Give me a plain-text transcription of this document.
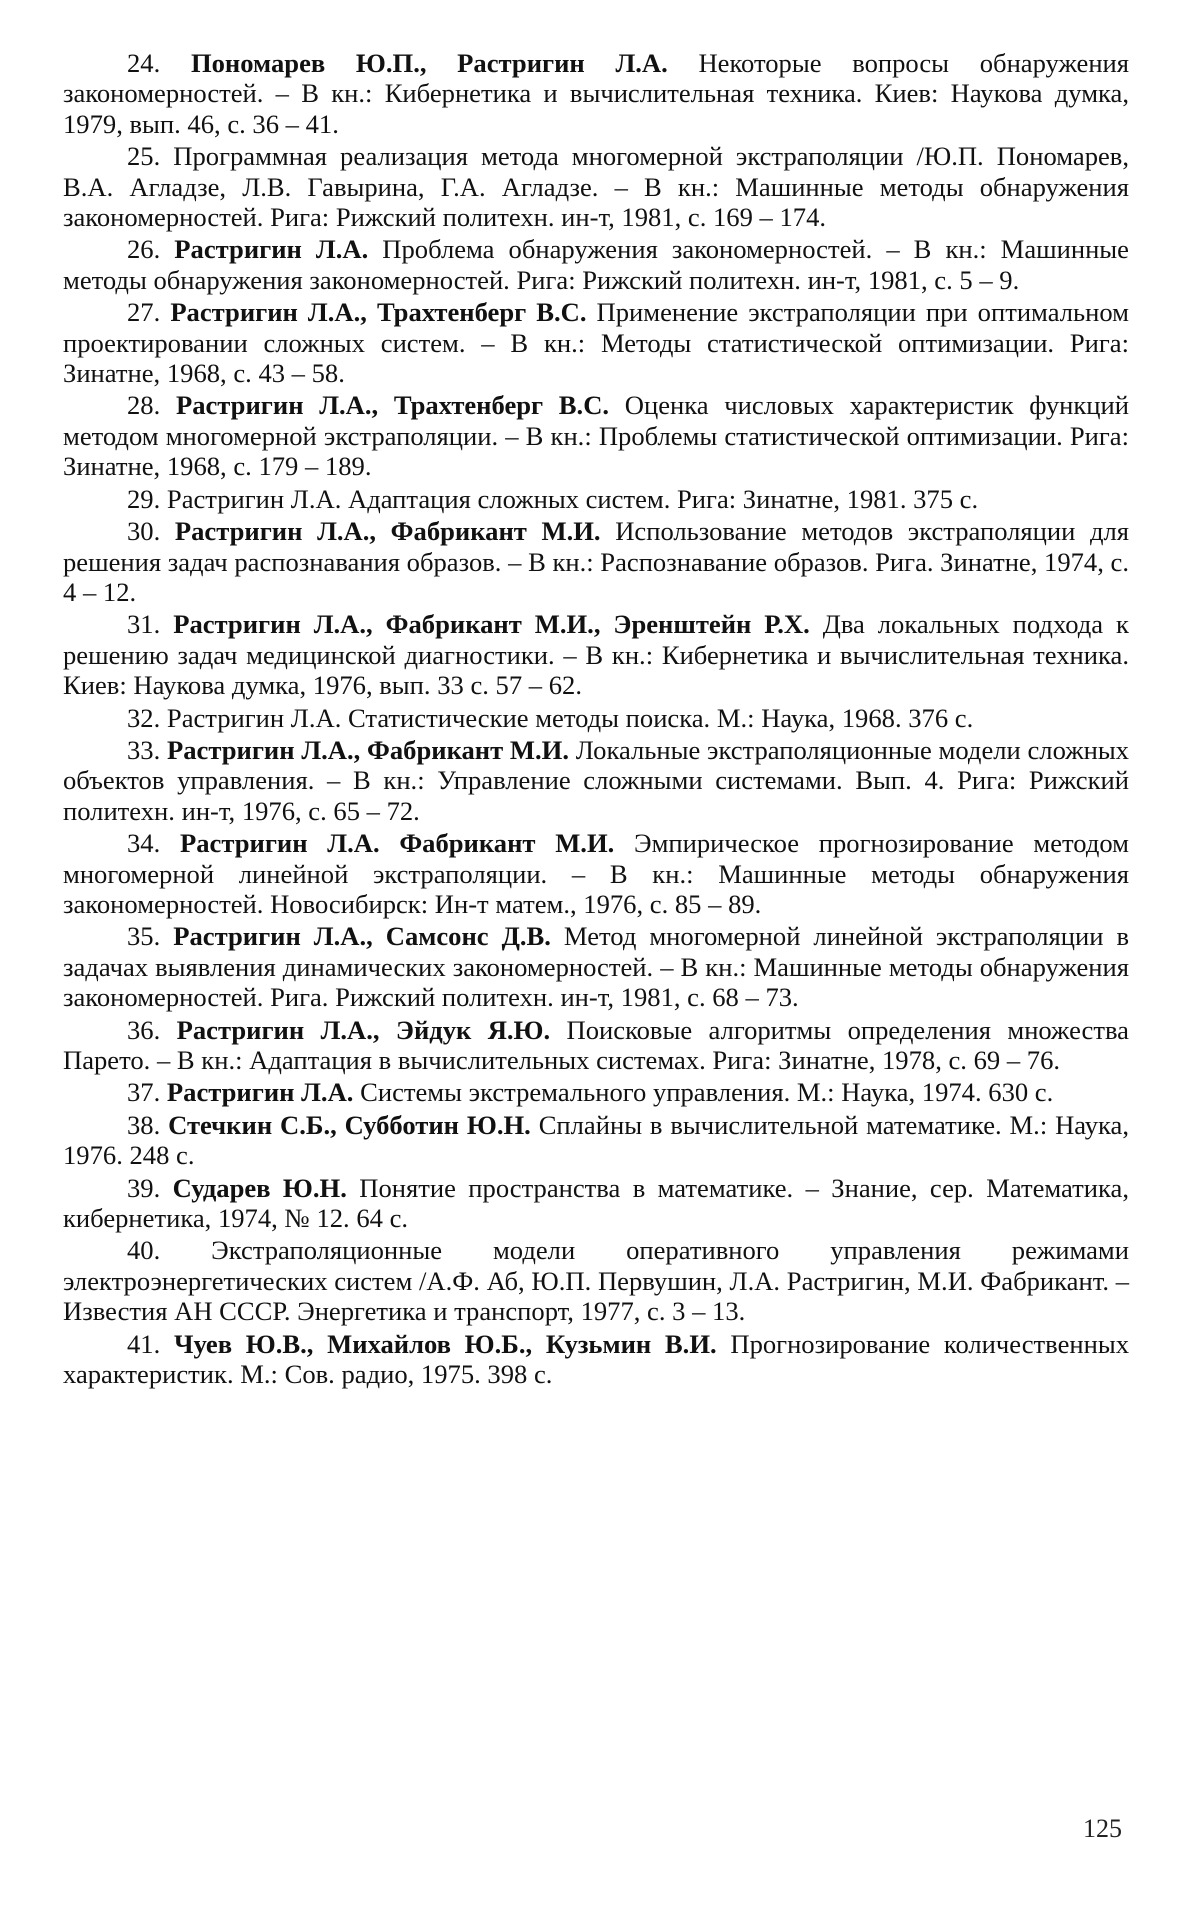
24. Пономарев Ю.П., Растригин Л.А. Некоторые вопросы обнаружения закономерностей. – В кн.: Кибернетика и вычислительная техника. Киев: Наукова думка, 1979, вып. 46, с. 36 – 41.

25. Программная реализация метода многомерной экстраполяции /Ю.П. Пономарев, В.А. Агладзе, Л.В. Гавырина, Г.А. Агладзе. – В кн.: Машинные методы обнаружения закономерностей. Рига: Рижский политехн. ин-т, 1981, с. 169 – 174.

26. Растригин Л.А. Проблема обнаружения закономерностей. – В кн.: Машинные методы обнаружения закономерностей. Рига: Рижский политехн. ин-т, 1981, с. 5 – 9.

27. Растригин Л.А., Трахтенберг В.С. Применение экстраполяции при оптимальном проектировании сложных систем. – В кн.: Методы статистической оптимизации. Рига: Зинатне, 1968, с. 43 – 58.

28. Растригин Л.А., Трахтенберг В.С. Оценка числовых характеристик функций методом многомерной экстраполяции. – В кн.: Проблемы статистической оптимизации. Рига: Зинатне, 1968, с. 179 – 189.

29. Растригин Л.А. Адаптация сложных систем. Рига: Зинатне, 1981. 375 с.

30. Растригин Л.А., Фабрикант М.И. Использование методов экстраполяции для решения задач распознавания образов. – В кн.: Распознавание образов. Рига. Зинатне, 1974, с. 4 – 12.

31. Растригин Л.А., Фабрикант М.И., Эренштейн Р.Х. Два локальных подхода к решению задач медицинской диагностики. – В кн.: Кибернетика и вычислительная техника. Киев: Наукова думка, 1976, вып. 33 с. 57 – 62.

32. Растригин Л.А. Статистические методы поиска. М.: Наука, 1968. 376 с.

33. Растригин Л.А., Фабрикант М.И. Локальные экстраполяционные модели сложных объектов управления. – В кн.: Управление сложными системами. Вып. 4. Рига: Рижский политехн. ин-т, 1976, с. 65 – 72.

34. Растригин Л.А. Фабрикант М.И. Эмпирическое прогнозирование методом многомерной линейной экстраполяции. – В кн.: Машинные методы обнаружения закономерностей. Новосибирск: Ин-т матем., 1976, с. 85 – 89.

35. Растригин Л.А., Самсонс Д.В. Метод многомерной линейной экстраполяции в задачах выявления динамических закономерностей. – В кн.: Машинные методы обнаружения закономерностей. Рига. Рижский политехн. ин-т, 1981, с. 68 – 73.

36. Растригин Л.А., Эйдук Я.Ю. Поисковые алгоритмы определения множества Парето. – В кн.: Адаптация в вычислительных системах. Рига: Зинатне, 1978, с. 69 – 76.

37. Растригин Л.А. Системы экстремального управления. М.: Наука, 1974. 630 с.

38. Стечкин С.Б., Субботин Ю.Н. Сплайны в вычислительной математике. М.: Наука, 1976. 248 с.

39. Сударев Ю.Н. Понятие пространства в математике. – Знание, сер. Математика, кибернетика, 1974, № 12. 64 с.

40. Экстраполяционные модели оперативного управления режимами электроэнергетических систем /А.Ф. Аб, Ю.П. Первушин, Л.А. Растригин, М.И. Фабрикант. – Известия АН СССР. Энергетика и транспорт, 1977, с. 3 – 13.

41. Чуев Ю.В., Михайлов Ю.Б., Кузьмин В.И. Прогнозирование количественных характеристик. М.: Сов. радио, 1975. 398 с.

125
